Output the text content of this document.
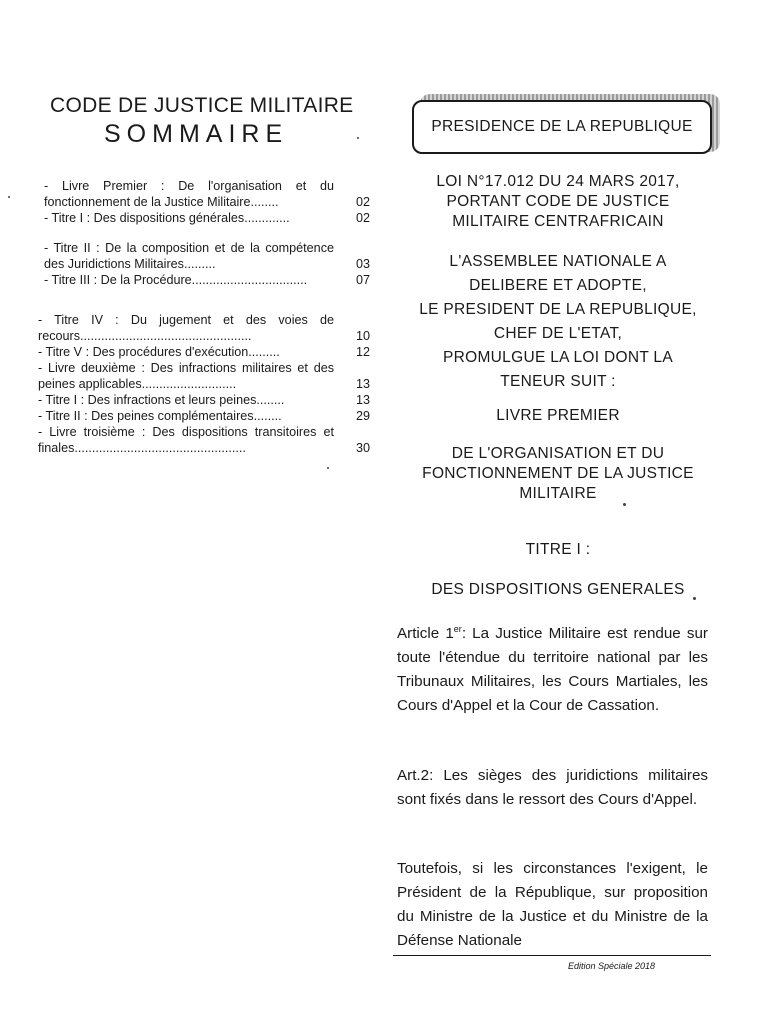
CODE DE JUSTICE MILITAIRE
SOMMAIRE
- Livre Premier : De l'organisation et du fonctionnement de la Justice Militaire........	02
- Titre I : Des dispositions générales.............	02
- Titre II : De la composition et de la compétence des Juridictions Militaires.........	03
- Titre III : De la Procédure.................................	07
- Titre IV : Du jugement et des voies de recours.................................................	10
- Titre V : Des procédures d'exécution.........	12
- Livre deuxième : Des infractions militaires et des peines applicables...........................	13
- Titre I : Des infractions et leurs peines........	13
- Titre II : Des peines complémentaires........	29
- Livre troisième : Des dispositions transitoires et finales.................................................	30
PRESIDENCE DE LA REPUBLIQUE
LOI N°17.012 DU 24 MARS 2017,
PORTANT CODE DE JUSTICE
MILITAIRE CENTRAFRICAIN
L'ASSEMBLEE NATIONALE A
DELIBERE ET ADOPTE,
LE PRESIDENT DE LA REPUBLIQUE,
CHEF DE L'ETAT,
PROMULGUE LA LOI DONT LA
TENEUR SUIT :
LIVRE PREMIER
DE L'ORGANISATION ET DU
FONCTIONNEMENT DE LA JUSTICE
MILITAIRE
TITRE I :
DES DISPOSITIONS GENERALES

Article 1er: La Justice Militaire est rendue sur toute l'étendue du territoire national par les Tribunaux Militaires, les Cours Martiales, les Cours d'Appel et la Cour de Cassation.

Art.2: Les sièges des juridictions militaires sont fixés dans le ressort des Cours d'Appel.

Toutefois, si les circonstances l'exigent, le Président de la République, sur proposition du Ministre de la Justice et du Ministre de la Défense Nationale

Edition Spéciale 2018
